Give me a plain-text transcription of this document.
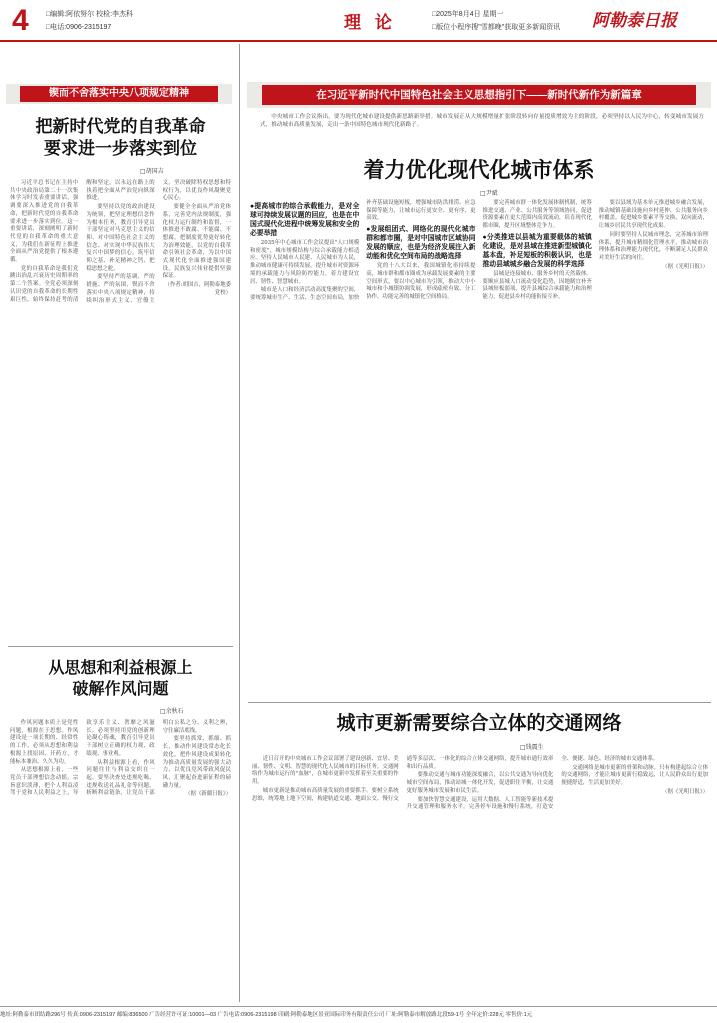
4 □编辑:阿依努尔 校检:李杰科
□电话:0906-2315197	理 论	□2025年8月4日 星期一
□版位小程序搜"雪都晚"获取更多新闻资讯 阿勒泰日报
锲而不舍落实中央八项规定精神
把新时代党的自我革命
要求进一步落实到位
□胡国吉

习近平总书记在主持中共中央政治局第二十一次集体学习时发表重要讲话，强调要深入推进党的自我革命，把新时代党的自我革命要求进一步落实到位。这一重要讲话，深刻阐明了新时代党的自我革命的重大意义，为我们在新征程上推进全面从严治党提供了根本遵循。

党的自我革命是我们党跳出治乱兴衰历史周期率的第二个答案。全党必须深刻认识党的自我革命的长期性艰巨性，始终保持赶考的清醒和坚定，以永远在路上的执着把全面从严治党向纵深推进。

要坚持以党的政治建设为统领，把坚定理想信念作为根本任务，教育引导党员干部坚定对马克思主义的信仰、对中国特色社会主义的信念、对实现中华民族伟大复兴中国梦的信心，筑牢信仰之基、补足精神之钙、把稳思想之舵。

要坚持严的基调、严的措施、严的氛围，锲而不舍落实中央八项规定精神，持续纠治形式主义、官僚主义，坚决破除特权思想和特权行为，以优良作风凝聚党心民心。

要健全全面从严治党体系，完善党内法规制度，强化权力运行制约和监督，一体推进不敢腐、不能腐、不想腐，把制度优势更好转化为治理效能，以党的自我革命引领社会革命，为以中国式现代化全面推进强国建设、民族复兴伟业提供坚强保证。

（作者:胡国吉，阿勒泰地委党校）

从思想和利益根源上
破解作风问题
□余秋石

作风问题本质上是党性问题，根源在于思想。作风建设是一项长期的、经常性的工作，必须从思想和利益根源上找原因、开药方，才能标本兼治、久久为功。

从思想根源上看，一些党员干部理想信念动摇，宗旨意识淡薄，把个人利益凌驾于党和人民利益之上，导致享乐主义、奢靡之风滋长。必须坚持用党的创新理论凝心铸魂，教育引导党员干部树立正确的权力观、政绩观、事业观。

从利益根源上看，作风问题往往与利益交织在一起。要坚决查处违规吃喝、违规收送礼品礼金等问题，斩断利益链条，让党员干部明白公私之分、义利之辨，守住廉洁底线。

要坚持抓常、抓细、抓长，推动作风建设常态化长效化，把作风建设成果转化为推动高质量发展的强大动力，以优良党风带政风促民风，汇聚起奋进新征程的磅礴力量。

（据《新疆日报》）

在习近平新时代中国特色社会主义思想指引下——新时代新作为新篇章
中央城市工作会议指出，要为现代化城市建设提供新思路新举措。城市发展正从大规模增量扩张阶段转向存量提质增效为主的阶段，必须坚持以人民为中心，转变城市发展方式，推动城市高质量发展，走出一条中国特色城市现代化新路子。
着力优化现代化城市体系
□尹斌
●提高城市的综合承载能力，是对全球可持续发展议题的回应，也是在中国式现代化进程中统筹发展和安全的必要举措

2035年中心城市工作会议提出"人口规模和密度"，城市规模结构与综合承载能力相适应。坚持人民城市人民建、人民城市为人民，推动城市健康可持续发展，提升城市对资源环境的承载能力与风险防控能力，着力建设宜居、韧性、智慧城市。

城市是人口和经济活动高度集聚的空间，要统筹城市生产、生活、生态空间布局，加快补齐基础设施短板，增强城市防洪排涝、应急保障等能力，让城市运行更安全、更有序、更高效。

●发展组团式、网络化的现代化城市群和都市圈，是对中国城市区域协同发展的顺应，也是为经济发展注入新动能和优化空间布局的战略选择

党的十八大以来，我国城镇化率持续提高，城市群和都市圈成为承载发展要素的主要空间形式。要以中心城市为引领，推动大中小城市和小城镇协调发展，形成疏密有致、分工协作、功能完善的城镇化空间格局。

要完善城市群一体化发展体制机制，统筹推进交通、产业、公共服务等领域协同，促进资源要素在更大范围内高效流动，培育现代化都市圈，提升区域整体竞争力。

●分类推进以县城为重要载体的城镇化建设，是对县域在推进新型城镇化基本盘，补足短板的积极认识，也是推动县域城乡融合发展的科学选择

县城是连接城市、服务乡村的天然载体。要顺应县城人口流动变化趋势，因地制宜补齐县城短板弱项，提升县城综合承载能力和治理能力，促进县乡村功能衔接互补。

要以县域为基本单元推进城乡融合发展，推动城镇基础设施向乡村延伸、公共服务向乡村覆盖，促进城乡要素平等交换、双向流动，让城乡居民共享现代化成果。

同时要坚持人民城市理念，完善城市治理体系，提升城市精细化管理水平，推动城市治理体系和治理能力现代化，不断满足人民群众对美好生活的向往。

（据《光明日报》）

城市更新需要综合立体的交通网络
□钱震生

近日召开的中央城市工作会议部署了建设创新、宜居、美丽、韧性、文明、智慧的现代化人民城市的目标任务。交通网络作为城市运行的"血脉"，在城市更新中发挥着至关重要的作用。

城市更新是推动城市高质量发展的重要抓手。要树立系统思维，统筹地上地下空间，构建轨道交通、地面公交、慢行交通等多层次、一体化的综合立体交通网络，提升城市通行效率和出行品质。

要推动交通与城市功能深度融合，以公共交通为导向优化城市空间布局，推动站城一体化开发，促进职住平衡，让交通更好服务城市发展和市民生活。

要加快智慧交通建设，运用大数据、人工智能等新技术提升交通管理和服务水平，完善停车设施和慢行系统，打造安全、便捷、绿色、经济的城市交通体系。

交通网络是城市更新的骨架和动脉。只有构建起综合立体的交通网络，才能让城市更新行稳致远，让人民群众出行更加便捷舒适，生活更加美好。

（据《光明日报》）

地址:阿勒泰市团结路296号 传真:0906-2315197 邮编:836500 广告经营许可证:10001—03 广告电话:0906-2315198 印刷:阿勒泰地区景亚国际印务有限责任公司 厂址:阿勒泰市解放路北段59-1号 全年定价:228元 零售价:1元
